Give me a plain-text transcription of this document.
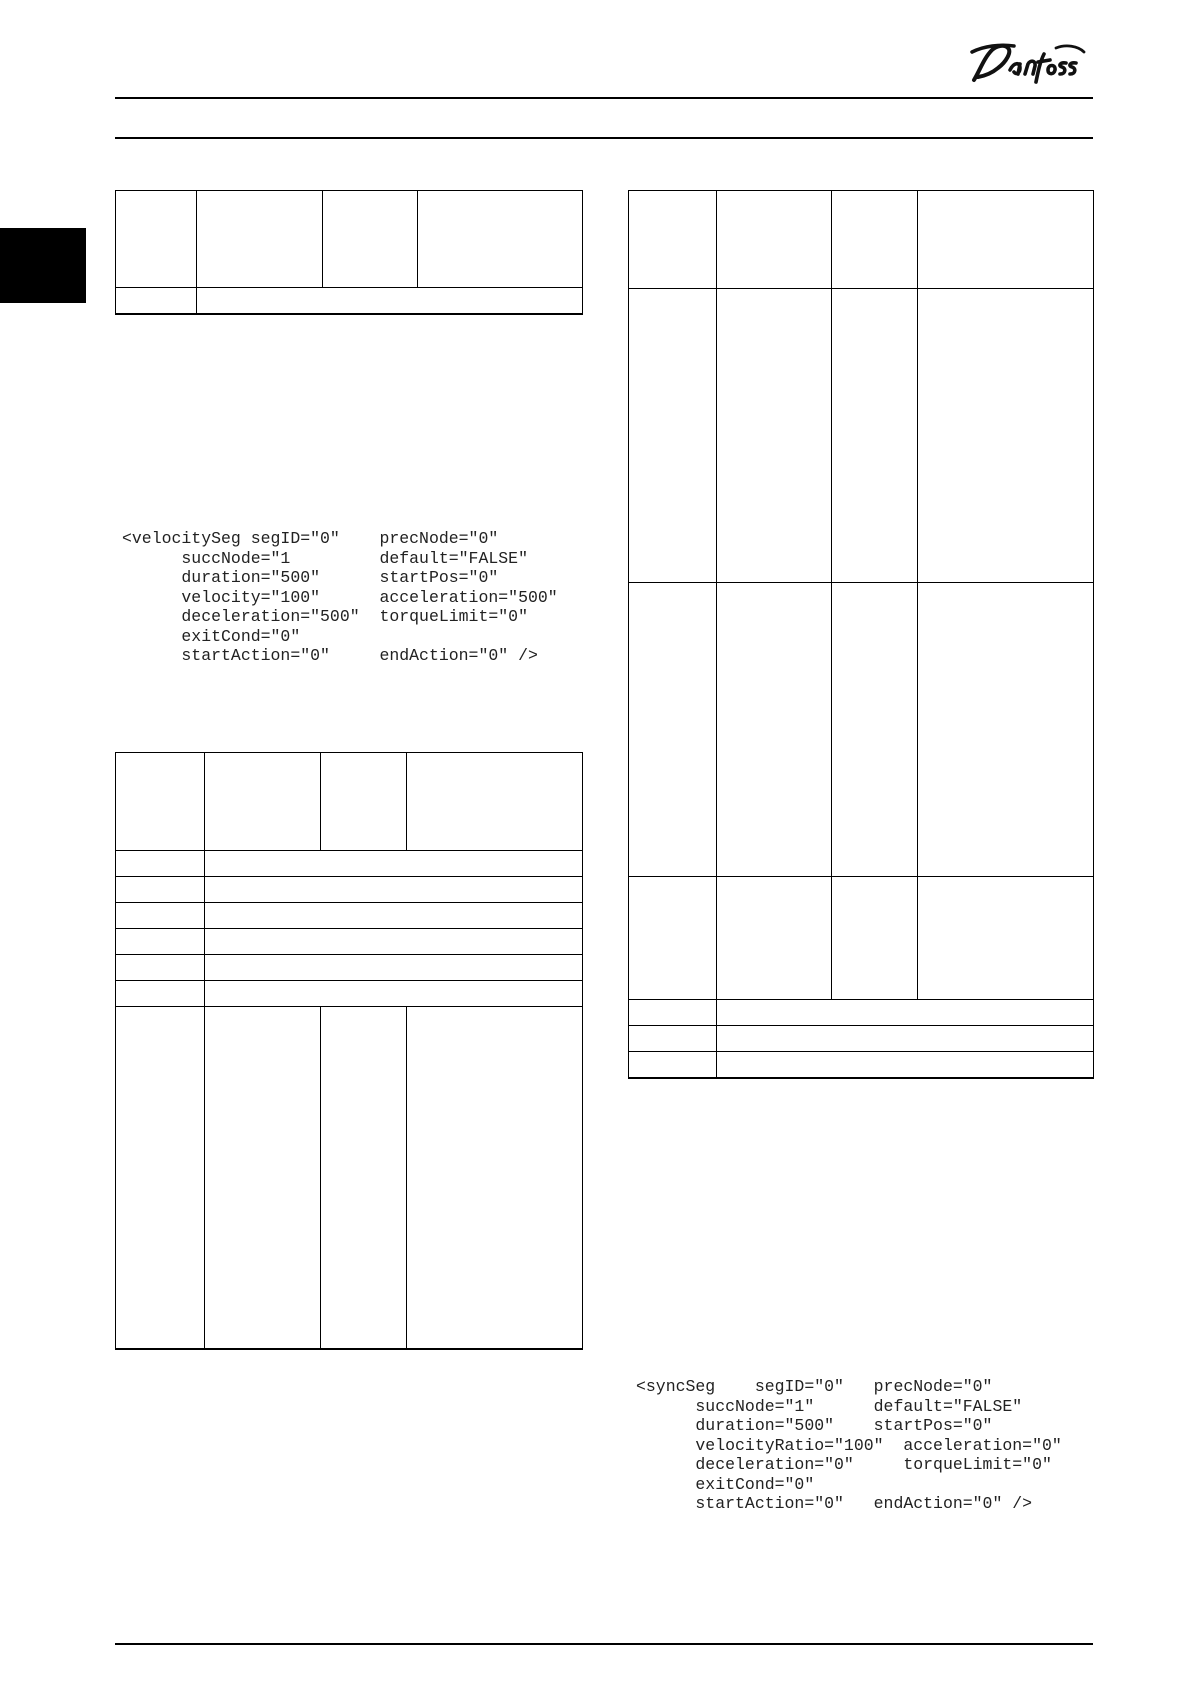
<velocitySeg segID="0"    precNode="0"
succNode="1         default="FALSE"
duration="500"      startPos="0"
velocity="100"      acceleration="500"
deceleration="500"  torqueLimit="0"
exitCond="0"
startAction="0"     endAction="0" />

<syncSeg    segID="0"   precNode="0"
succNode="1"      default="FALSE"
duration="500"    startPos="0"
velocityRatio="100"  acceleration="0"
deceleration="0"     torqueLimit="0"
exitCond="0"
startAction="0"   endAction="0" />
